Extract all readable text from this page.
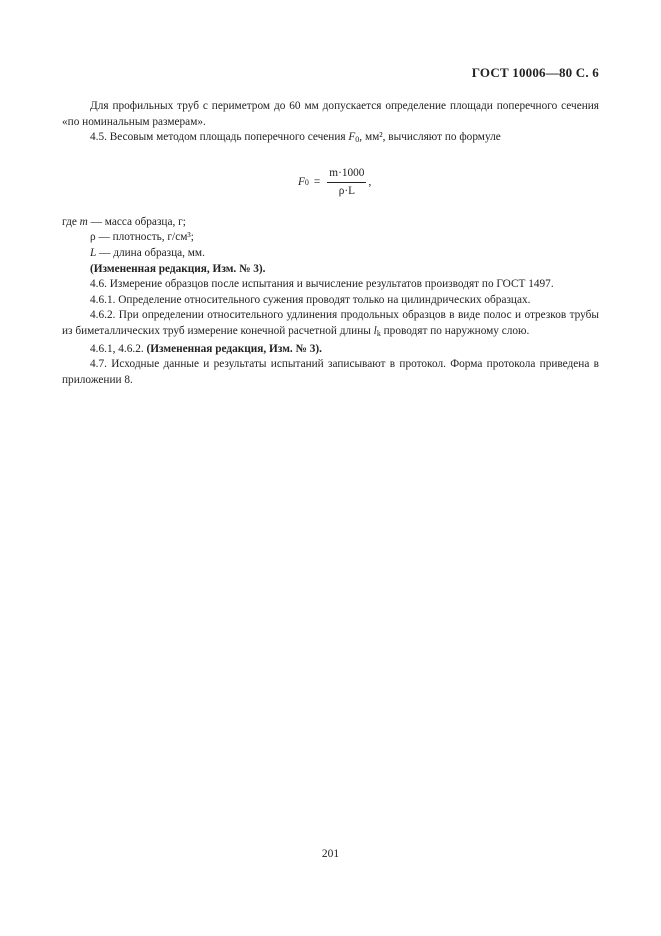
ГОСТ 10006—80 С. 6

Для профильных труб с периметром до 60 мм допускается определение площади поперечного сечения «по номинальным размерам».

4.5. Весовым методом площадь поперечного сечения $F_0$, мм², вычисляют по формуле

F $0 = \frac{m\cdot 1000}{\rho\cdot L}$ ,

где m — масса образца, г;

ρ — плотность, г/см³;

L — длина образца, мм.

(Измененная редакция, Изм. № 3).

4.6. Измерение образцов после испытания и вычисление результатов производят по ГОСТ 1497.

4.6.1. Определение относительного сужения проводят только на цилиндрических образцах.

4.6.2. При определении относительного удлинения продольных образцов в виде полос и отрезков трубы из биметаллических труб измерение конечной расчетной длины $l_k$ проводят по наружному слою.

4.6.1, 4.6.2. (Измененная редакция, Изм. № 3).

4.7. Исходные данные и результаты испытаний записывают в протокол. Форма протокола приведена в приложении 8.

201
